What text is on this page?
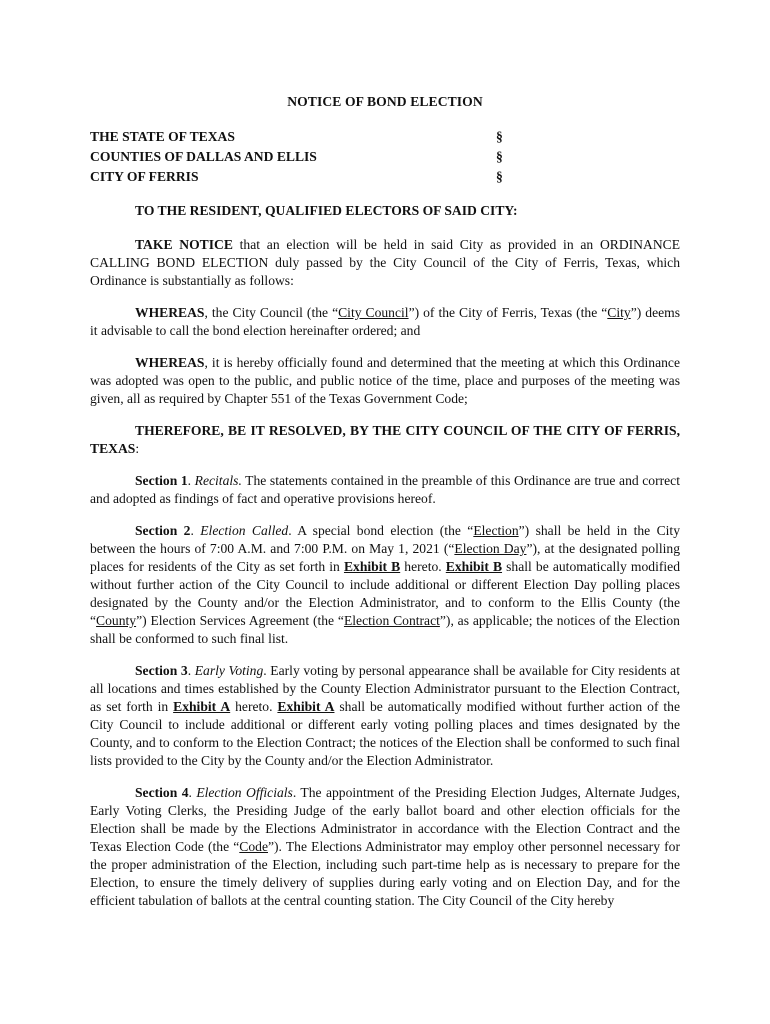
NOTICE OF BOND ELECTION
THE STATE OF TEXAS	§
COUNTIES OF DALLAS AND ELLIS	§
CITY OF FERRIS	§

TO THE RESIDENT, QUALIFIED ELECTORS OF SAID CITY:

TAKE NOTICE that an election will be held in said City as provided in an ORDINANCE CALLING BOND ELECTION duly passed by the City Council of the City of Ferris, Texas, which Ordinance is substantially as follows:

WHEREAS, the City Council (the “City Council”) of the City of Ferris, Texas (the “City”) deems it advisable to call the bond election hereinafter ordered; and

WHEREAS, it is hereby officially found and determined that the meeting at which this Ordinance was adopted was open to the public, and public notice of the time, place and purposes of the meeting was given, all as required by Chapter 551 of the Texas Government Code;

THEREFORE, BE IT RESOLVED, BY THE CITY COUNCIL OF THE CITY OF FERRIS, TEXAS:

Section 1. Recitals. The statements contained in the preamble of this Ordinance are true and correct and adopted as findings of fact and operative provisions hereof.

Section 2. Election Called. A special bond election (the “Election”) shall be held in the City between the hours of 7:00 A.M. and 7:00 P.M. on May 1, 2021 (“Election Day”), at the designated polling places for residents of the City as set forth in Exhibit B hereto. Exhibit B shall be automatically modified without further action of the City Council to include additional or different Election Day polling places designated by the County and/or the Election Administrator, and to conform to the Ellis County (the “County”) Election Services Agreement (the “Election Contract”), as applicable; the notices of the Election shall be conformed to such final list.

Section 3. Early Voting. Early voting by personal appearance shall be available for City residents at all locations and times established by the County Election Administrator pursuant to the Election Contract, as set forth in Exhibit A hereto. Exhibit A shall be automatically modified without further action of the City Council to include additional or different early voting polling places and times designated by the County, and to conform to the Election Contract; the notices of the Election shall be conformed to such final lists provided to the City by the County and/or the Election Administrator.

Section 4. Election Officials. The appointment of the Presiding Election Judges, Alternate Judges, Early Voting Clerks, the Presiding Judge of the early ballot board and other election officials for the Election shall be made by the Elections Administrator in accordance with the Election Contract and the Texas Election Code (the “Code”). The Elections Administrator may employ other personnel necessary for the proper administration of the Election, including such part-time help as is necessary to prepare for the Election, to ensure the timely delivery of supplies during early voting and on Election Day, and for the efficient tabulation of ballots at the central counting station. The City Council of the City hereby
